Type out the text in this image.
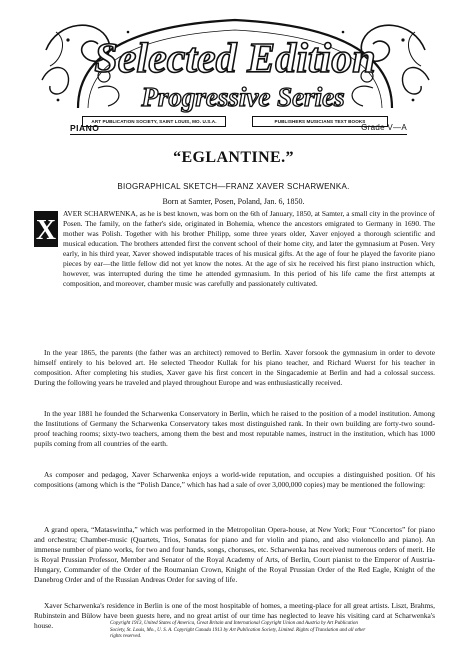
Selected Edition
Progressive Series
ART PUBLICATION SOCIETY, SAINT LOUIS, MO. U.S.A.	PUBLISHERS MUSICIANS TEXT BOOKS
PIANO	Grade V—A
“EGLANTINE.”
BIOGRAPHICAL SKETCH—FRANZ XAVER SCHARWENKA.
Born at Samter, Posen, Poland, Jan. 6, 1850.
X

AVER SCHARWENKA, as he is best known, was born on the 6th of January, 1850, at Samter, a small city in the province of Posen. The family, on the father's side, originated in Bohemia, whence the ancestors emigrated to Germany in 1690. The mother was Polish. Together with his brother Philipp, some three years older, Xaver enjoyed a thorough scientific and musical education. The brothers attended first the convent school of their home city, and later the gymnasium at Posen. Very early, in his third year, Xaver showed indisputable traces of his musical gifts. At the age of four he played the favorite piano pieces by ear—the little fellow did not yet know the notes. At the age of six he received his first piano instruction which, however, was interrupted during the time he attended gymnasium. In this period of his life came the first attempts at composition, and moreover, chamber music was carefully and passionately cultivated.

In the year 1865, the parents (the father was an architect) removed to Berlin. Xaver forsook the gymnasium in order to devote himself entirely to his beloved art. He selected Theodor Kullak for his piano teacher, and Richard Wuerst for his teacher in composition. After completing his studies, Xaver gave his first concert in the Singacademie at Berlin and had a colossal success. During the following years he traveled and played throughout Europe and was enthusiastically received.

In the year 1881 he founded the Scharwenka Conservatory in Berlin, which he raised to the position of a model institution. Among the Institutions of Germany the Scharwenka Conservatory takes most distinguished rank. In their own building are forty-two sound-proof teaching rooms; sixty-two teachers, among them the best and most reputable names, instruct in the institution, which has 1000 pupils coming from all countries of the earth.

As composer and pedagog, Xaver Scharwenka enjoys a world-wide reputation, and occupies a distinguished position. Of his compositions (among which is the “Polish Dance,” which has had a sale of over 3,000,000 copies) may be mentioned the following:

A grand opera, “Mataswintha,” which was performed in the Metropolitan Opera-house, at New York; Four “Concertos” for piano and orchestra; Chamber-music (Quartets, Trios, Sonatas for piano and for violin and piano, and also violoncello and piano). An immense number of piano works, for two and four hands, songs, choruses, etc. Scharwenka has received numerous orders of merit. He is Royal Prussian Professor, Member and Senator of the Royal Academy of Arts, of Berlin, Court pianist to the Emperor of Austria-Hungary, Commander of the Order of the Roumanian Crown, Knight of the Royal Prussian Order of the Red Eagle, Knight of the Danebrog Order and of the Russian Andreas Order for saving of life.

Xaver Scharwenka's residence in Berlin is one of the most hospitable of homes, a meeting-place for all great artists. Liszt, Brahms, Rubinstein and Bülow have been guests here, and no great artist of our time has neglected to leave his visiting card at Scharwenka's house.	Copyright 1913, United States of America, Great Britain and International Copyright Union and Austria by Art Publication Society, St. Louis, Mo., U. S. A. Copyright Canada 1913 by Art Publication Society, Limited. Rights of Translation and all other rights reserved.
